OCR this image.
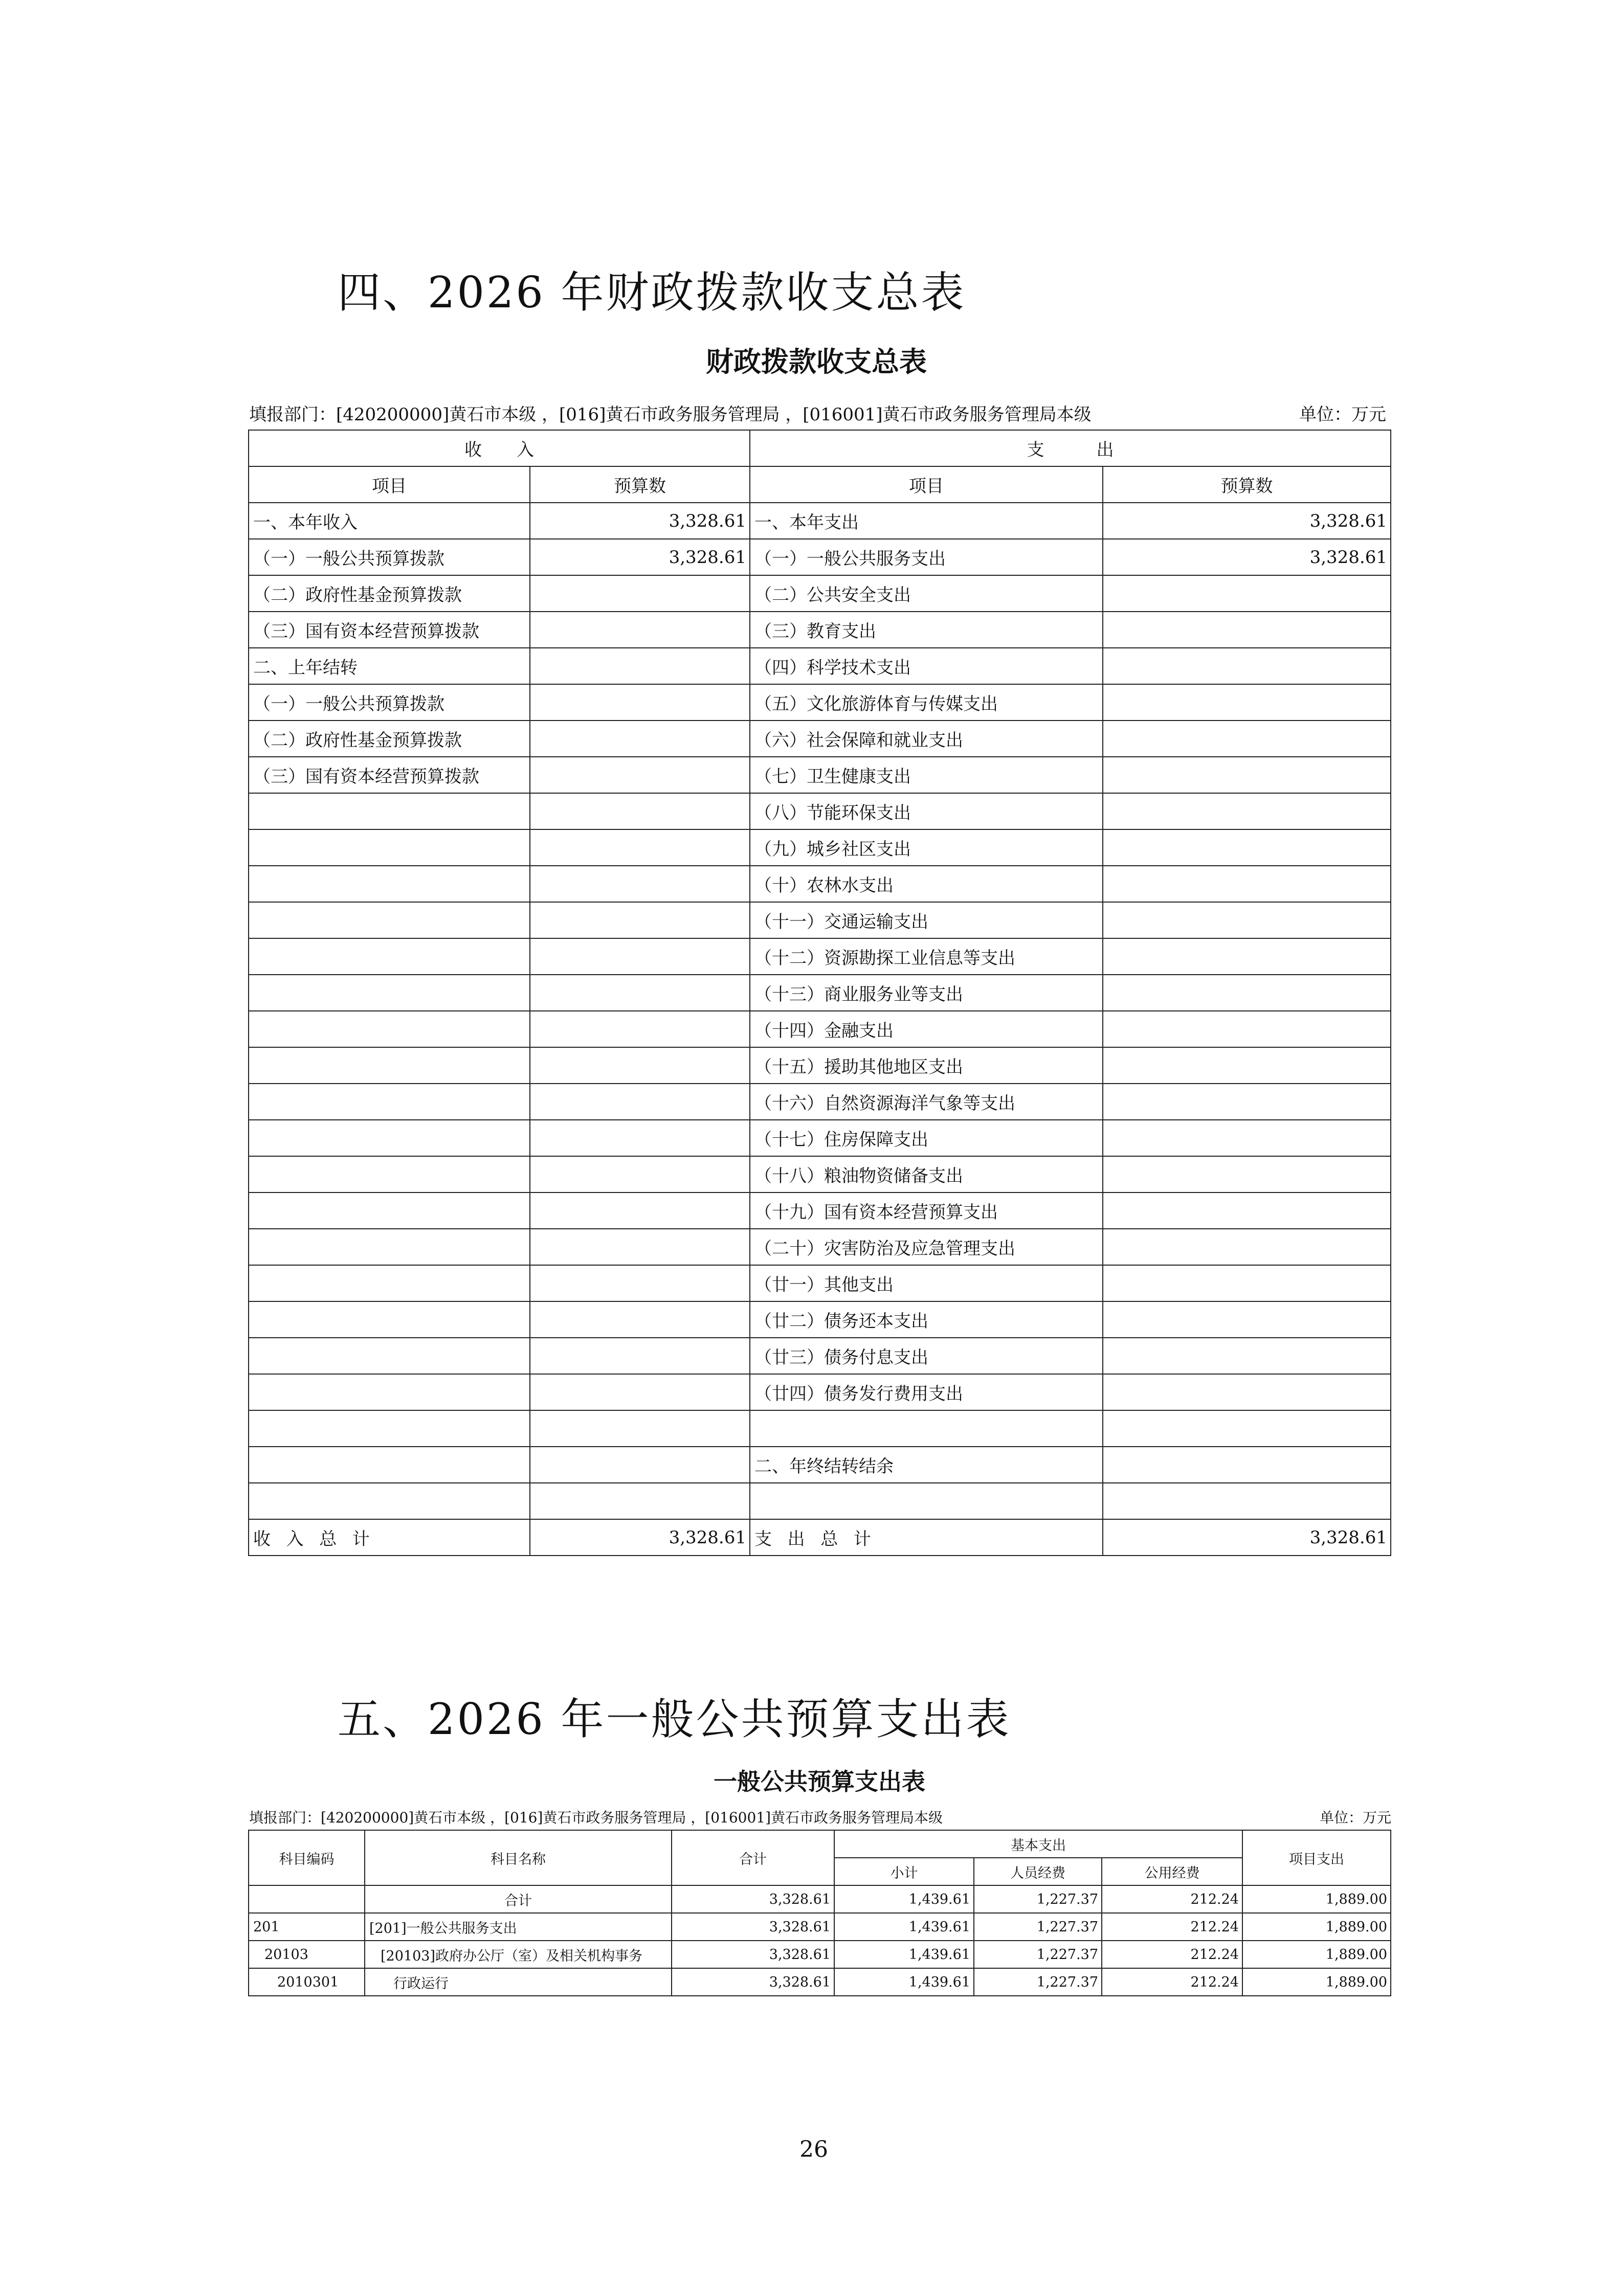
四、2026 年财政拨款收支总表
财政拨款收支总表
填报部门：[420200000]黄石市本级 ，[016]黄石市政务服务管理局 ，[016001]黄石市政务服务管理局本级	单位：万元
收　　入		支　　　出	
项目	预算数	项目	预算数
一、本年收入	3,328.61	一、本年支出	3,328.61
（一）一般公共预算拨款	3,328.61	（一）一般公共服务支出	3,328.61
（二）政府性基金预算拨款		（二）公共安全支出	
（三）国有资本经营预算拨款		（三）教育支出	
二、上年结转		（四）科学技术支出	
（一）一般公共预算拨款		（五）文化旅游体育与传媒支出	
（二）政府性基金预算拨款		（六）社会保障和就业支出	
（三）国有资本经营预算拨款		（七）卫生健康支出	
		（八）节能环保支出	
		（九）城乡社区支出	
		（十）农林水支出	
		（十一）交通运输支出	
		（十二）资源勘探工业信息等支出	
		（十三）商业服务业等支出	
		（十四）金融支出	
		（十五）援助其他地区支出	
		（十六）自然资源海洋气象等支出	
		（十七）住房保障支出	
		（十八）粮油物资储备支出	
		（十九）国有资本经营预算支出	
		（二十）灾害防治及应急管理支出	
		（廿一）其他支出	
		（廿二）债务还本支出	
		（廿三）债务付息支出	
		（廿四）债务发行费用支出	

		二、年终结转结余	

收入总计	3,328.61	支出总计	3,328.61
五、2026 年一般公共预算支出表
一般公共预算支出表
填报部门：[420200000]黄石市本级 ，[016]黄石市政务服务管理局 ，[016001]黄石市政务服务管理局本级	单位：万元
科目编码	科目名称	合计	基本支出			项目支出
			小计	人员经费	公用经费	
	合计	3,328.61	1,439.61	1,227.37	212.24	1,889.00
201	[201]一般公共服务支出	3,328.61	1,439.61	1,227.37	212.24	1,889.00
20103	[20103]政府办公厅（室）及相关机构事务	3,328.61	1,439.61	1,227.37	212.24	1,889.00
2010301	行政运行	3,328.61	1,439.61	1,227.37	212.24	1,889.00
26
